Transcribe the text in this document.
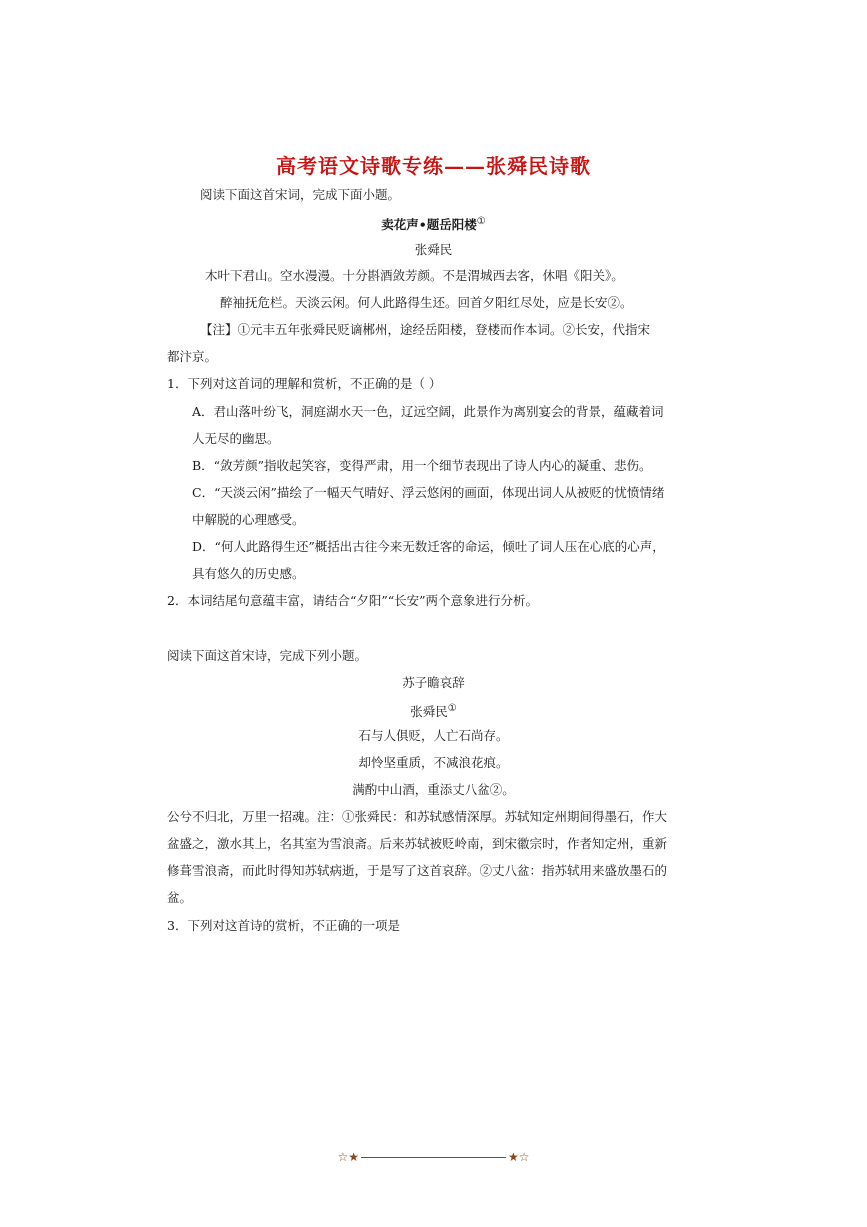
高考语文诗歌专练——张舜民诗歌
阅读下面这首宋词，完成下面小题。
卖花声•题岳阳楼①
张舜民
木叶下君山。空水漫漫。十分斟酒敛芳颜。不是渭城西去客，休唱《阳关》。
醉袖抚危栏。天淡云闲。何人此路得生还。回首夕阳红尽处，应是长安②。
【注】①元丰五年张舜民贬谪郴州，途经岳阳楼，登楼而作本词。②长安，代指宋
都汴京。
1．下列对这首词的理解和赏析，不正确的是（ ）
A．君山落叶纷飞，洞庭湖水天一色，辽远空阔，此景作为离别宴会的背景，蕴藏着词
人无尽的幽思。
B．“敛芳颜”指收起笑容，变得严肃，用一个细节表现出了诗人内心的凝重、悲伤。
C．“天淡云闲”描绘了一幅天气晴好、浮云悠闲的画面，体现出词人从被贬的忧愤情绪
中解脱的心理感受。
D．“何人此路得生还”概括出古往今来无数迁客的命运，倾吐了词人压在心底的心声，
具有悠久的历史感。
2．本词结尾句意蕴丰富，请结合“夕阳”“长安”两个意象进行分析。
阅读下面这首宋诗，完成下列小题。
苏子瞻哀辞
张舜民①
石与人俱贬，人亡石尚存。
却怜坚重质，不减浪花痕。
满酌中山酒，重添丈八盆②。
公兮不归北，万里一招魂。注：①张舜民：和苏轼感情深厚。苏轼知定州期间得墨石，作大
盆盛之，激水其上，名其室为雪浪斋。后来苏轼被贬岭南，到宋徽宗时，作者知定州，重新
修葺雪浪斋，而此时得知苏轼病逝，于是写了这首哀辞。②丈八盆：指苏轼用来盛放墨石的
盆。
3．下列对这首诗的赏析，不正确的一项是
☆★	★☆
